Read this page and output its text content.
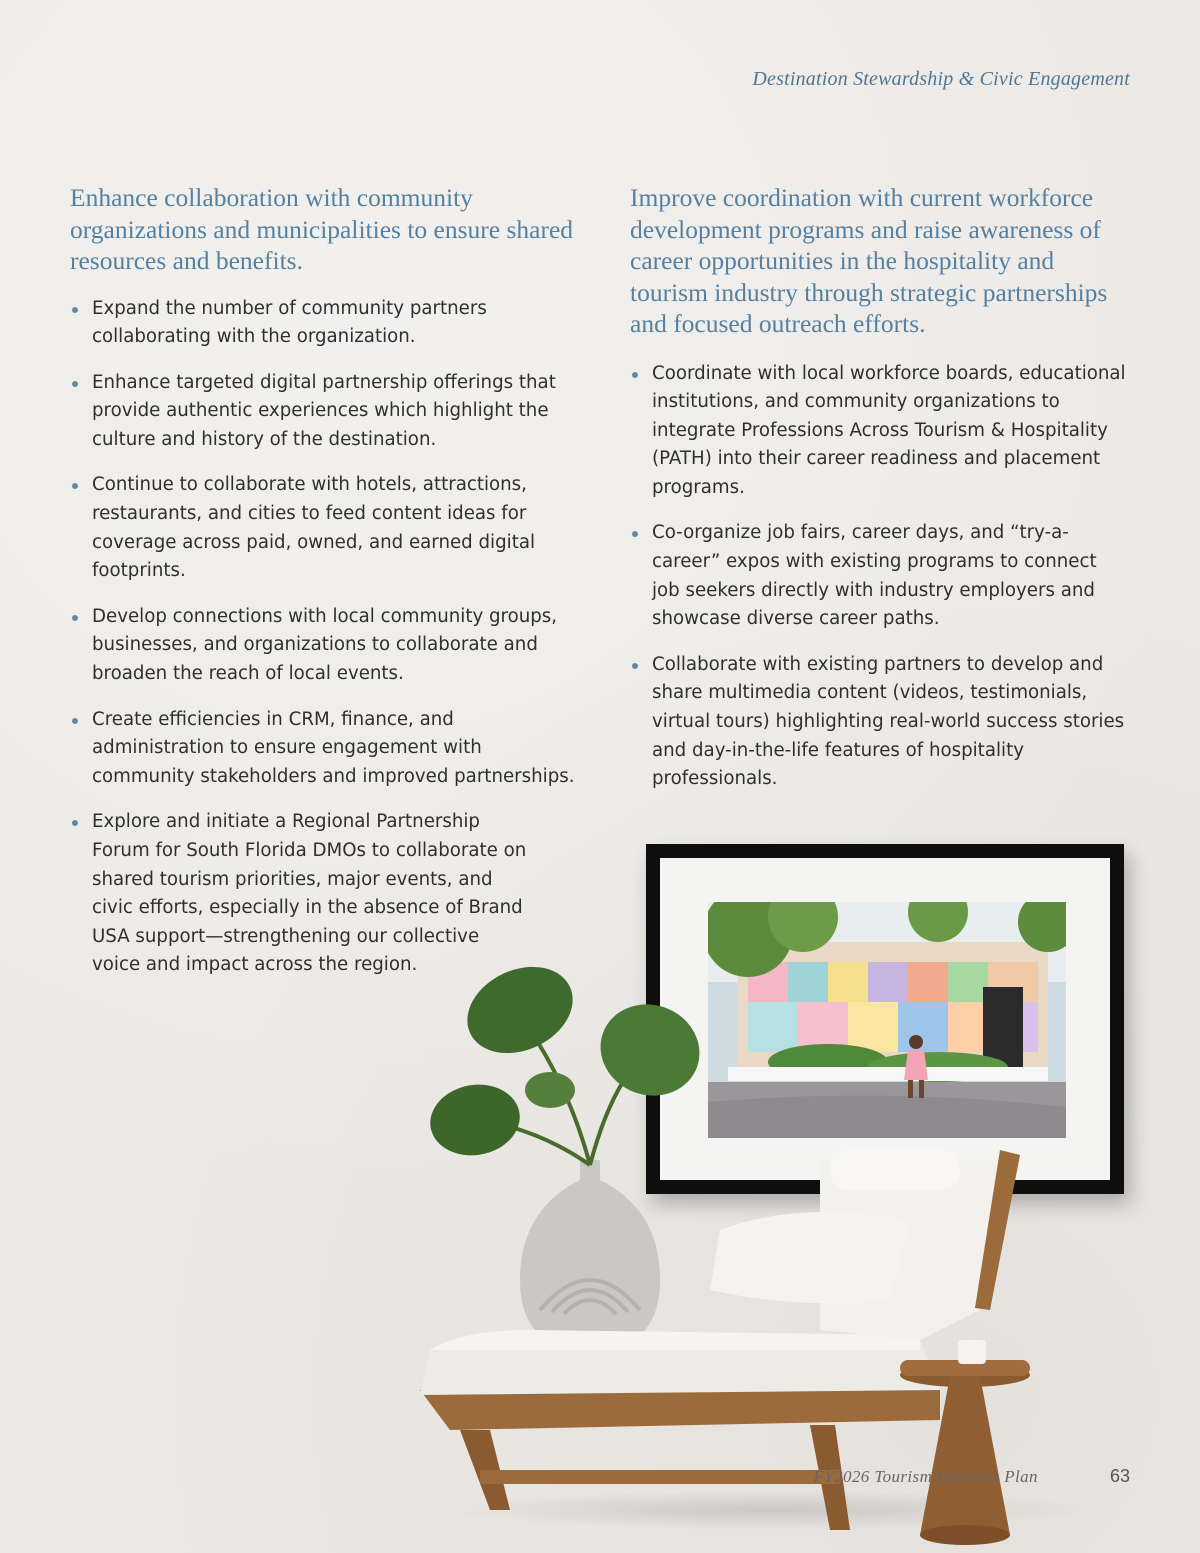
Destination Stewardship & Civic Engagement
Enhance collaboration with community organizations and municipalities to ensure shared resources and benefits.
Expand the number of community partners collaborating with the organization.
Enhance targeted digital partnership offerings that provide authentic experiences which highlight the culture and history of the destination.
Continue to collaborate with hotels, attractions, restaurants, and cities to feed content ideas for coverage across paid, owned, and earned digital footprints.
Develop connections with local community groups, businesses, and organizations to collaborate and broaden the reach of local events.
Create efficiencies in CRM, finance, and administration to ensure engagement with community stakeholders and improved partnerships.
Explore and initiate a Regional Partnership Forum for South Florida DMOs to collaborate on shared tourism priorities, major events, and civic efforts, especially in the absence of Brand USA support—strengthening our collective voice and impact across the region.
Improve coordination with current workforce development programs and raise awareness of career opportunities in the hospitality and tourism industry through strategic partnerships and focused outreach efforts.
Coordinate with local workforce boards, educational institutions, and community organizations to integrate Professions Across Tourism & Hospitality (PATH) into their career readiness and placement programs.
Co-organize job fairs, career days, and “try-a-career” expos with existing programs to connect job seekers directly with industry employers and showcase diverse career paths.
Collaborate with existing partners to develop and share multimedia content (videos, testimonials, virtual tours) highlighting real-world success stories and day-in-the-life features of hospitality professionals.
FY2026 Tourism Business Plan	63
